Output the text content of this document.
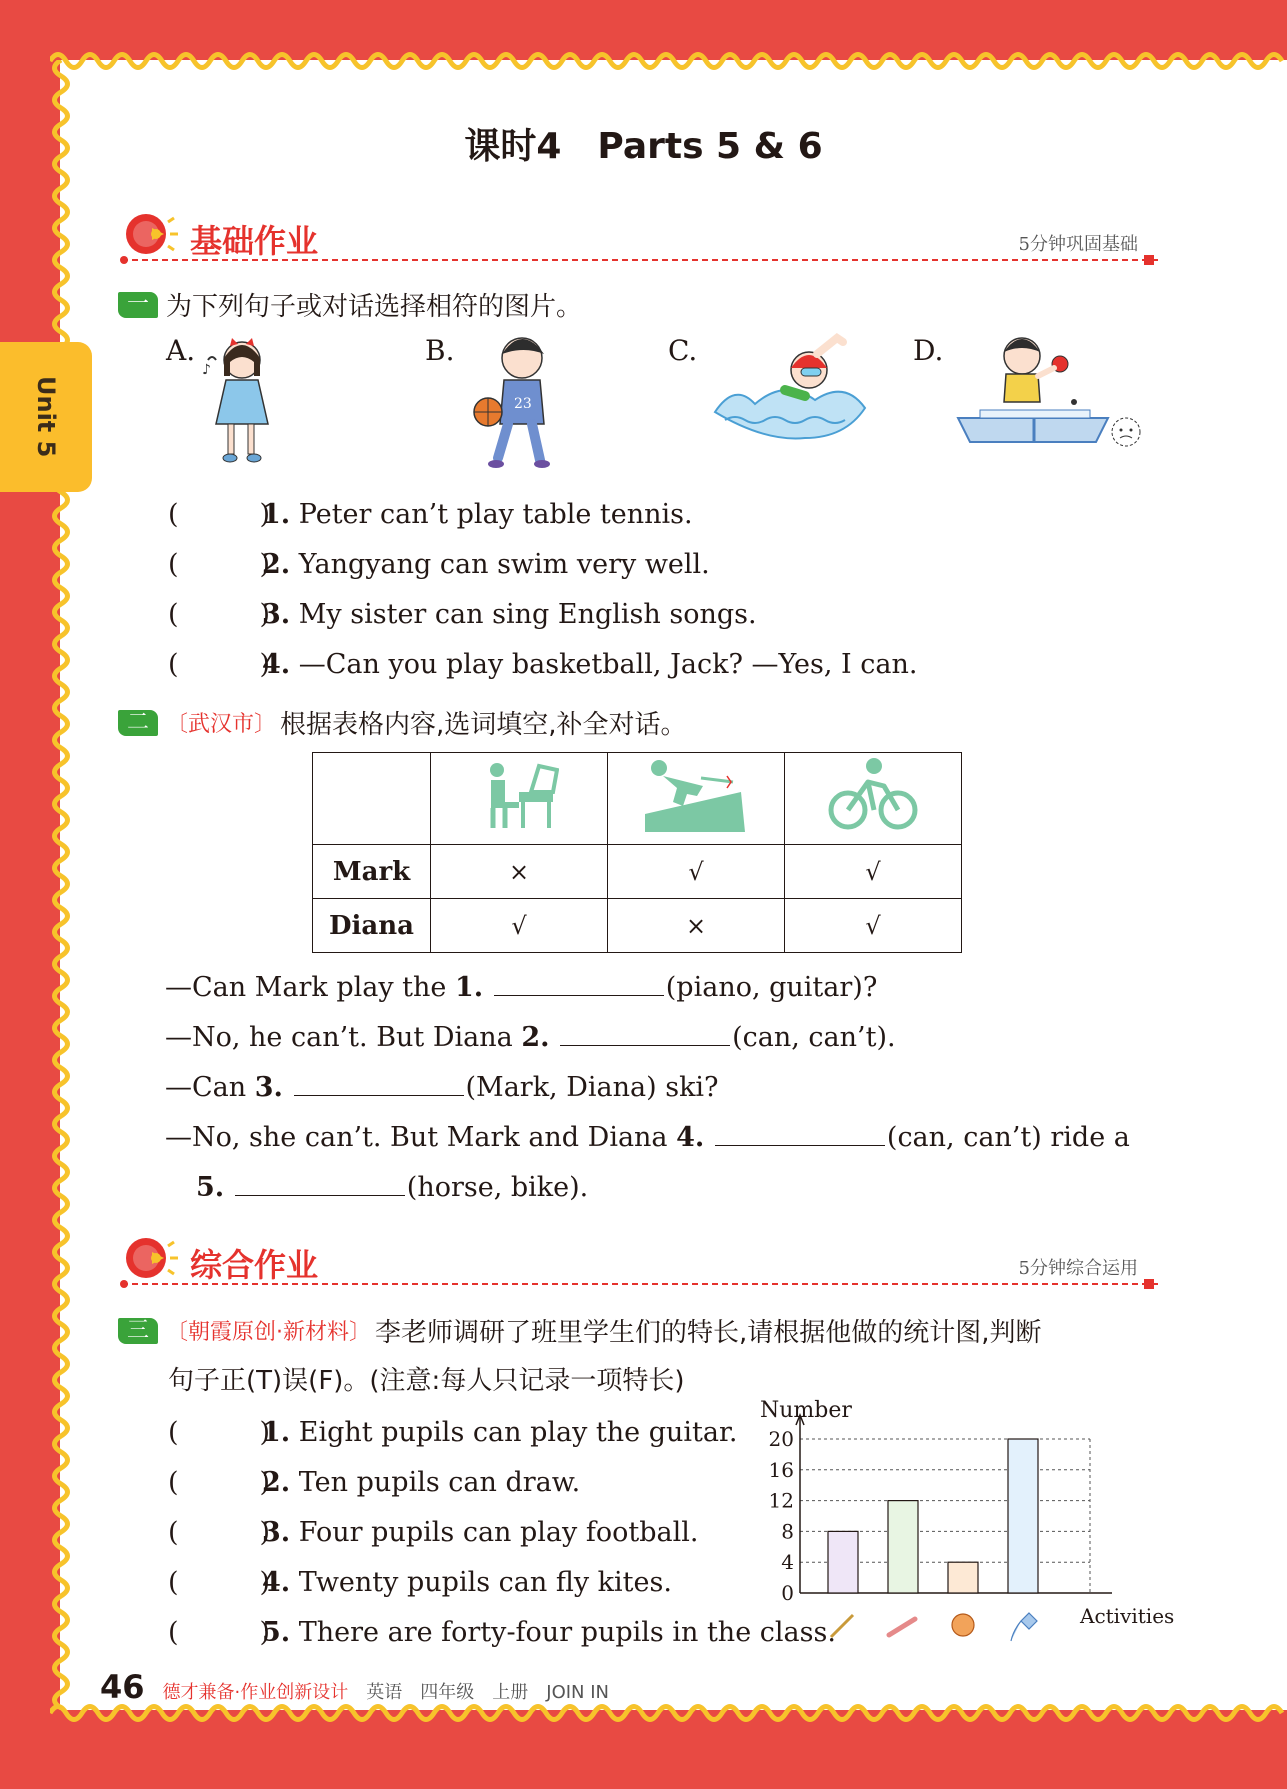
Unit 5
课时4　Parts 5 & 6
基础作业	5分钟巩固基础
一 为下列句子或对话选择相符的图片。
A.	B.	C.	D.
♪
23
(　　　)1. Peter can’t play table tennis.
(　　　)2. Yangyang can swim very well.
(　　　)3. My sister can sing English songs.
(　　　)4. —Can you play basketball, Jack? —Yes, I can.
二 〔武汉市〕 根据表格内容,选词填空,补全对话。

Mark	×	√	√
Diana	√	×	√
—Can Mark play the 1.	(piano, guitar)?
—No, he can’t. But Diana 2.	(can, can’t).
—Can 3.	(Mark, Diana) ski?
—No, she can’t. But Mark and Diana 4.	(can, can’t) ride a
5.	(horse, bike).
综合作业	5分钟综合运用
三 〔朝霞原创·新材料〕 李老师调研了班里学生们的特长,请根据他做的统计图,判断
句子正(T)误(F)。(注意:每人只记录一项特长)
(　　　)1. Eight pupils can play the guitar.
(　　　)2. Ten pupils can draw.
(　　　)3. Four pupils can play football.
(　　　)4. Twenty pupils can fly kites.
(　　　)5. There are forty-four pupils in the class.
Number
0
4
8
12
16
20
Activities
46 德才兼备·作业创新设计 英语　四年级　上册　JOIN IN
